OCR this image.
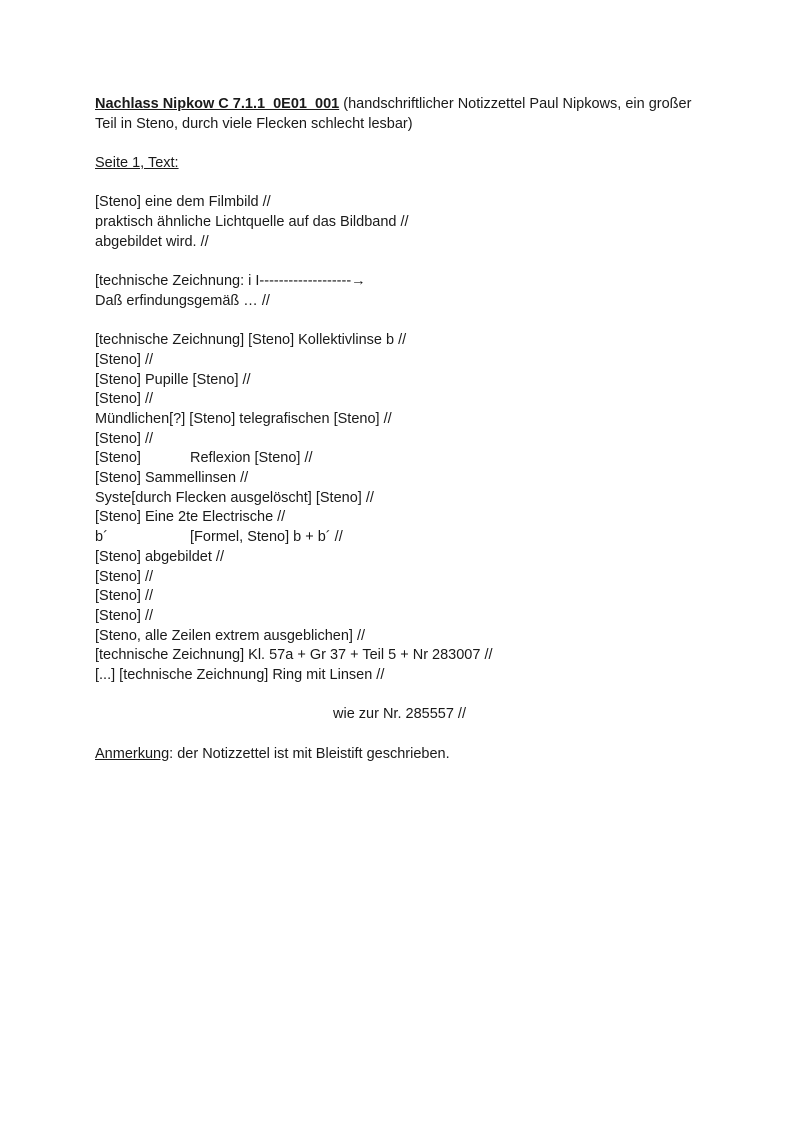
Nachlass Nipkow C 7.1.1_0E01_001 (handschriftlicher Notizzettel Paul Nipkows, ein großer
Teil in Steno, durch viele Flecken schlecht lesbar)
Seite 1, Text:
[Steno] eine dem Filmbild //
praktisch ähnliche Lichtquelle auf das Bildband //
abgebildet wird. //
[technische Zeichnung: i I-------------------→
Daß erfindungsgemäß … //
[technische Zeichnung] [Steno] Kollektivlinse b //
[Steno] //
[Steno] Pupille [Steno] //
[Steno] //
Mündlichen[?] [Steno] telegrafischen [Steno] //
[Steno] //
[Steno]	Reflexion [Steno] //
[Steno] Sammellinsen //
Syste[durch Flecken ausgelöscht] [Steno] //
[Steno] Eine 2te Electrische //
b´	[Formel, Steno] b + b´ //
[Steno] abgebildet //
[Steno] //
[Steno] //
[Steno] //
[Steno, alle Zeilen extrem ausgeblichen] //
[technische Zeichnung] Kl. 57a + Gr 37 + Teil 5 + Nr 283007 //
[...] [technische Zeichnung] Ring mit Linsen //
wie zur Nr. 285557 //
Anmerkung: der Notizzettel ist mit Bleistift geschrieben.
